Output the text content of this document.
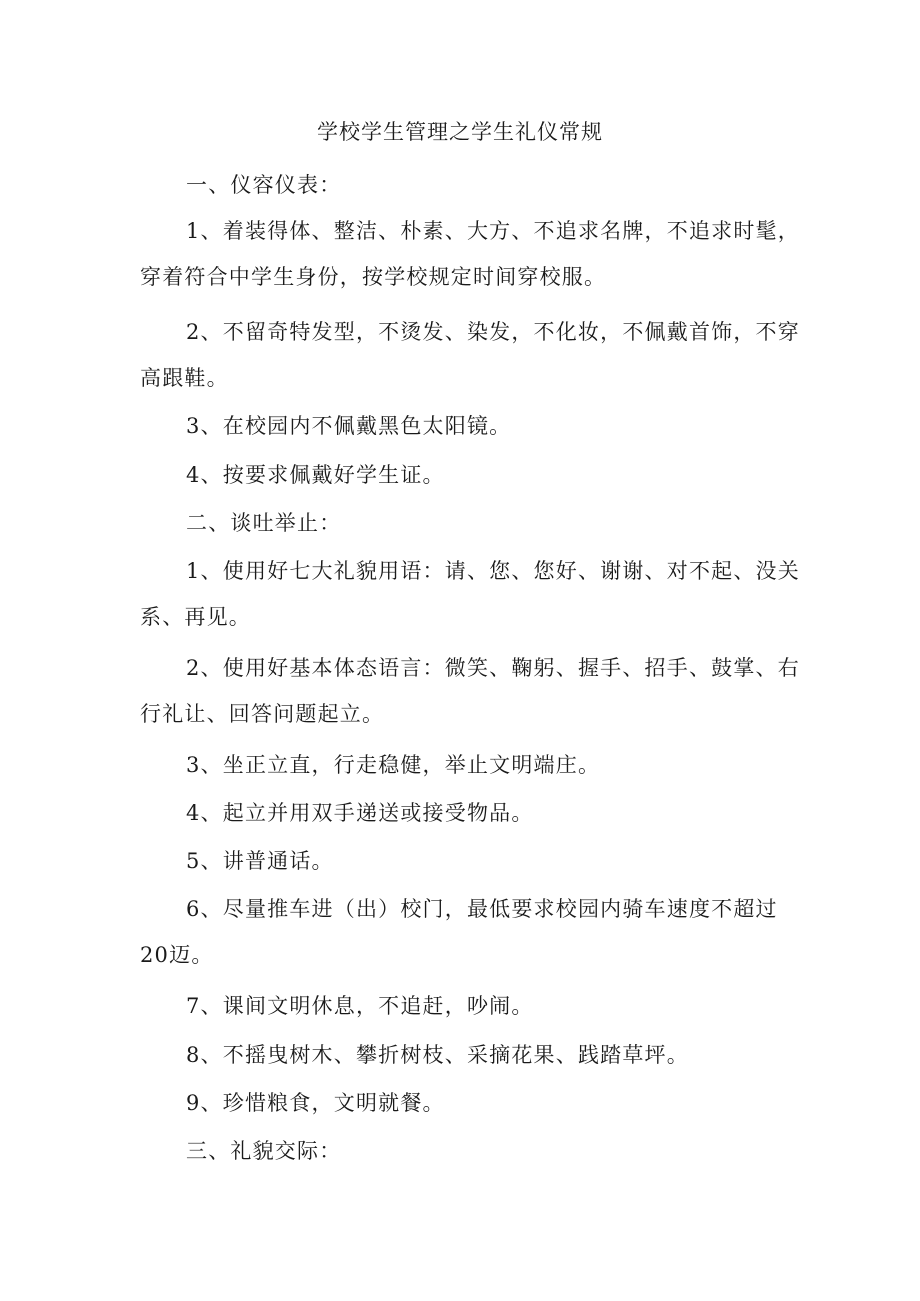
学校学生管理之学生礼仪常规
一、仪容仪表：
1、着装得体、整洁、朴素、大方、不追求名牌，不追求时髦，穿着符合中学生身份，按学校规定时间穿校服。
2、不留奇特发型，不烫发、染发，不化妆，不佩戴首饰，不穿高跟鞋。
3、在校园内不佩戴黑色太阳镜。
4、按要求佩戴好学生证。
二、谈吐举止：
1、使用好七大礼貌用语：请、您、您好、谢谢、对不起、没关系、再见。
2、使用好基本体态语言：微笑、鞠躬、握手、招手、鼓掌、右行礼让、回答问题起立。
3、坐正立直，行走稳健，举止文明端庄。
4、起立并用双手递送或接受物品。
5、讲普通话。
6、尽量推车进（出）校门，最低要求校园内骑车速度不超过20迈。
7、课间文明休息，不追赶，吵闹。
8、不摇曳树木、攀折树枝、采摘花果、践踏草坪。
9、珍惜粮食，文明就餐。
三、礼貌交际：
